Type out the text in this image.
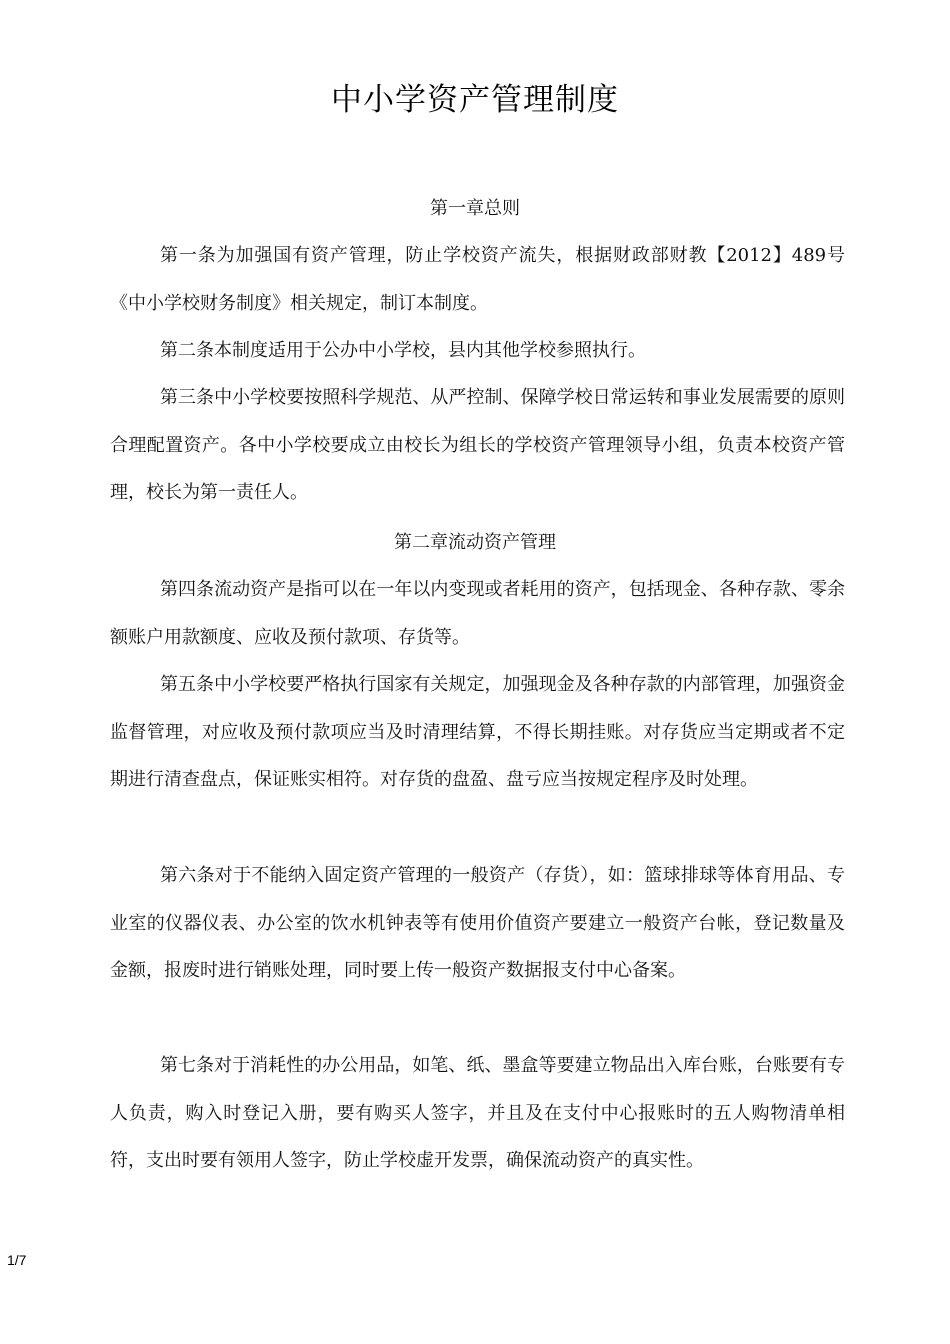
中小学资产管理制度
第一章总则

第一条为加强国有资产管理，防止学校资产流失，根据财政部财教【2012】489号《中小学校财务制度》相关规定，制订本制度。

第二条本制度适用于公办中小学校，县内其他学校参照执行。

第三条中小学校要按照科学规范、从严控制、保障学校日常运转和事业发展需要的原则合理配置资产。各中小学校要成立由校长为组长的学校资产管理领导小组，负责本校资产管理，校长为第一责任人。

第二章流动资产管理

第四条流动资产是指可以在一年以内变现或者耗用的资产，包括现金、各种存款、零余额账户用款额度、应收及预付款项、存货等。

第五条中小学校要严格执行国家有关规定，加强现金及各种存款的内部管理，加强资金监督管理，对应收及预付款项应当及时清理结算，不得长期挂账。对存货应当定期或者不定期进行清查盘点，保证账实相符。对存货的盘盈、盘亏应当按规定程序及时处理。

第六条对于不能纳入固定资产管理的一般资产（存货），如：篮球排球等体育用品、专业室的仪器仪表、办公室的饮水机钟表等有使用价值资产要建立一般资产台帐，登记数量及金额，报废时进行销账处理，同时要上传一般资产数据报支付中心备案。

第七条对于消耗性的办公用品，如笔、纸、墨盒等要建立物品出入库台账，台账要有专人负责，购入时登记入册，要有购买人签字，并且及在支付中心报账时的五人购物清单相符，支出时要有领用人签字，防止学校虚开发票，确保流动资产的真实性。

1/7
